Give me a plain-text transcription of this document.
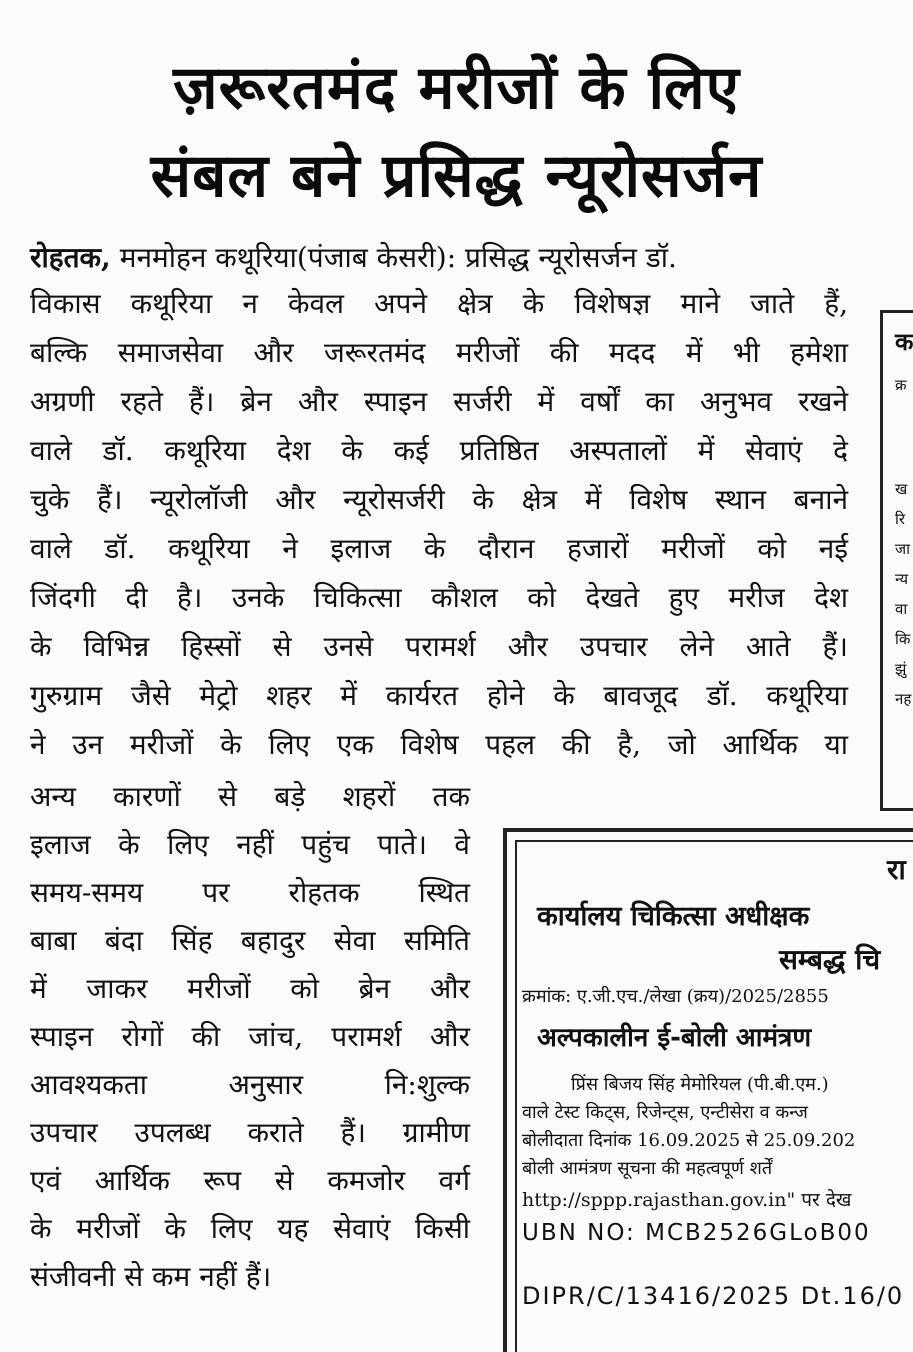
ज़रूरतमंद मरीजों के लिए
संबल बने प्रसिद्ध न्यूरोसर्जन
क
क्र
ख
रि
जा
न्य
वा
कि
झुं
नह
रोहतक, मनमोहन कथूरिया(पंजाब केसरी): प्रसिद्ध न्यूरोसर्जन डॉ.
विकास कथूरिया न केवल अपने क्षेत्र के विशेषज्ञ माने जाते हैं,
बल्कि समाजसेवा और जरूरतमंद मरीजों की मदद में भी हमेशा
अग्रणी रहते हैं। ब्रेन और स्पाइन सर्जरी में वर्षों का अनुभव रखने
वाले डॉ. कथूरिया देश के कई प्रतिष्ठित अस्पतालों में सेवाएं दे
चुके हैं। न्यूरोलॉजी और न्यूरोसर्जरी के क्षेत्र में विशेष स्थान बनाने
वाले डॉ. कथूरिया ने इलाज के दौरान हजारों मरीजों को नई
जिंदगी दी है। उनके चिकित्सा कौशल को देखते हुए मरीज देश
के विभिन्न हिस्सों से उनसे परामर्श और उपचार लेने आते हैं।
गुरुग्राम जैसे मेट्रो शहर में कार्यरत होने के बावजूद डॉ. कथूरिया
ने उन मरीजों के लिए एक विशेष पहल की है, जो आर्थिक या
अन्य कारणों से बड़े शहरों तक
इलाज के लिए नहीं पहुंच पाते। वे
समय-समय पर रोहतक स्थित
बाबा बंदा सिंह बहादुर सेवा समिति
में जाकर मरीजों को ब्रेन और
स्पाइन रोगों की जांच, परामर्श और
आवश्यकता अनुसार नि:शुल्क
उपचार उपलब्ध कराते हैं। ग्रामीण
एवं आर्थिक रूप से कमजोर वर्ग
के मरीजों के लिए यह सेवाएं किसी
संजीवनी से कम नहीं हैं।
रा
कार्यालय चिकित्सा अधीक्षक
सम्बद्ध चि
क्रमांक: ए.जी.एच./लेखा (क्रय)/2025/2855
अल्पकालीन ई-बोली आमंत्रण
प्रिंस बिजय सिंह मेमोरियल (पी.बी.एम.)
वाले टेस्ट किट्स, रिजेन्ट्स, एन्टीसेरा व कन्ज
बोलीदाता दिनांक 16.09.2025 से 25.09.202
बोली आमंत्रण सूचना की महत्वपूर्ण शर्तें
http://sppp.rajasthan.gov.in" पर देख
UBN NO: MCB2526GLoB00
DIPR/C/13416/2025 Dt.16/0
